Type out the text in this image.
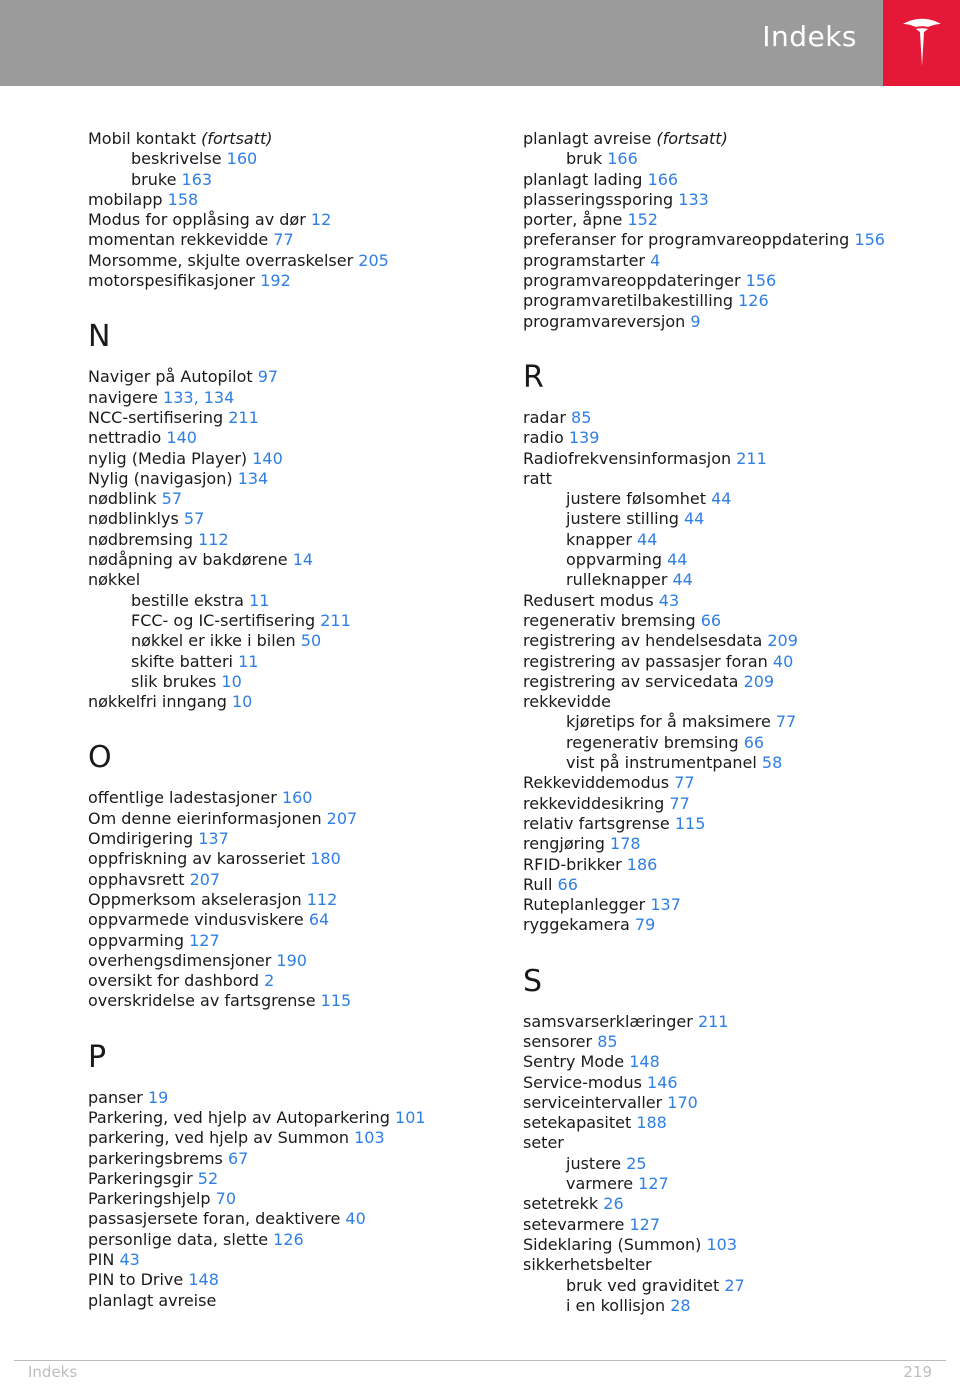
Indeks
Mobil kontakt (fortsatt)
beskrivelse 160
bruke 163
mobilapp 158
Modus for opplåsing av dør 12
momentan rekkevidde 77
Morsomme, skjulte overraskelser 205
motorspesifikasjoner 192
N
Naviger på Autopilot 97
navigere 133, 134
NCC-sertifisering 211
nettradio 140
nylig (Media Player) 140
Nylig (navigasjon) 134
nødblink 57
nødblinklys 57
nødbremsing 112
nødåpning av bakdørene 14
nøkkel
bestille ekstra 11
FCC- og IC-sertifisering 211
nøkkel er ikke i bilen 50
skifte batteri 11
slik brukes 10
nøkkelfri inngang 10
O
offentlige ladestasjoner 160
Om denne eierinformasjonen 207
Omdirigering 137
oppfriskning av karosseriet 180
opphavsrett 207
Oppmerksom akselerasjon 112
oppvarmede vindusviskere 64
oppvarming 127
overhengsdimensjoner 190
oversikt for dashbord 2
overskridelse av fartsgrense 115
P
panser 19
Parkering, ved hjelp av Autoparkering 101
parkering, ved hjelp av Summon 103
parkeringsbrems 67
Parkeringsgir 52
Parkeringshjelp 70
passasjersete foran, deaktivere 40
personlige data, slette 126
PIN 43
PIN to Drive 148
planlagt avreise
planlagt avreise (fortsatt)
bruk 166
planlagt lading 166
plasseringssporing 133
porter, åpne 152
preferanser for programvareoppdatering 156
programstarter 4
programvareoppdateringer 156
programvaretilbakestilling 126
programvareversjon 9
R
radar 85
radio 139
Radiofrekvensinformasjon 211
ratt
justere følsomhet 44
justere stilling 44
knapper 44
oppvarming 44
rulleknapper 44
Redusert modus 43
regenerativ bremsing 66
registrering av hendelsesdata 209
registrering av passasjer foran 40
registrering av servicedata 209
rekkevidde
kjøretips for å maksimere 77
regenerativ bremsing 66
vist på instrumentpanel 58
Rekkeviddemodus 77
rekkeviddesikring 77
relativ fartsgrense 115
rengjøring 178
RFID-brikker 186
Rull 66
Ruteplanlegger 137
ryggekamera 79
S
samsvarserklæringer 211
sensorer 85
Sentry Mode 148
Service-modus 146
serviceintervaller 170
setekapasitet 188
seter
justere 25
varmere 127
setetrekk 26
setevarmere 127
Sideklaring (Summon) 103
sikkerhetsbelter
bruk ved graviditet 27
i en kollisjon 28
Indeks	219
